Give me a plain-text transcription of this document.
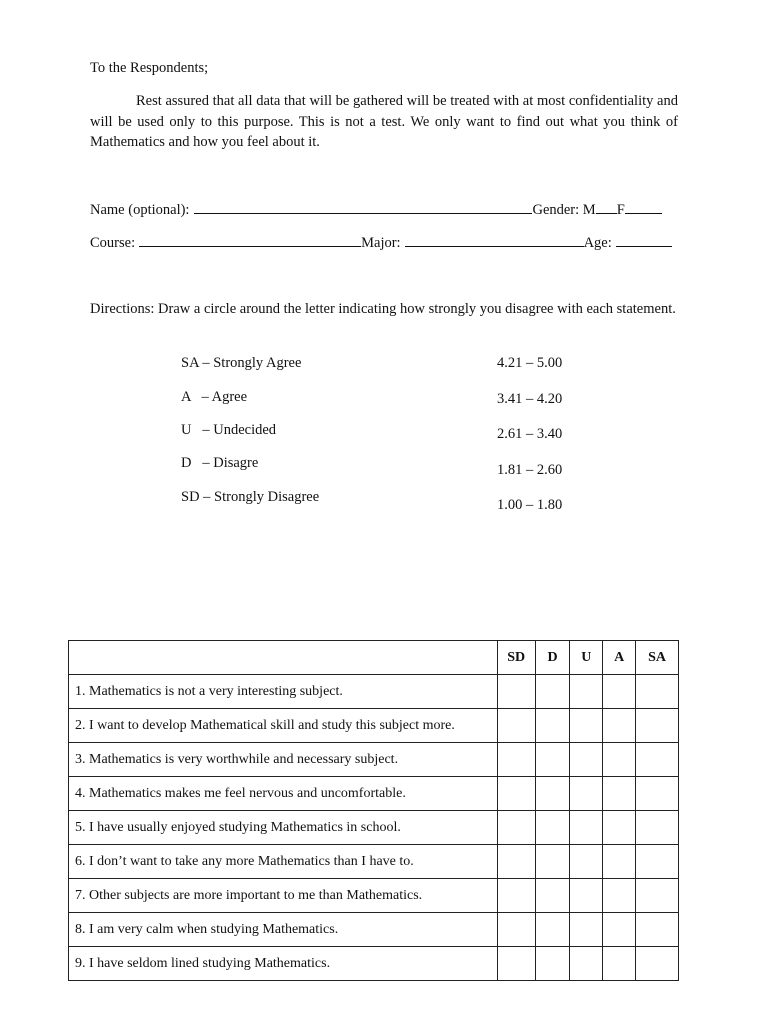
To the Respondents;
Rest assured that all data that will be gathered will be treated with at most confidentiality and will be used only to this purpose. This is not a test. We only want to find out what you think of Mathematics and how you feel about it.
Name (optional):	Gender: M F
Course:	Major:	Age:
Directions: Draw a circle around the letter indicating how strongly you disagree with each statement.
SA – Strongly Agree	4.21 – 5.00
A   – Agree	3.41 – 4.20
U   – Undecided	2.61 – 3.40
D   – Disagre	1.81 – 2.60
SD – Strongly Disagree	1.00 – 1.80
	SD	D	U	A	SA
1. Mathematics is not a very interesting subject.					
2. I want to develop Mathematical skill and study this subject more.					
3. Mathematics is very worthwhile and necessary subject.					
4. Mathematics makes me feel nervous and uncomfortable.					
5. I have usually enjoyed studying Mathematics in school.					
6. I don’t want to take any more Mathematics than I have to.					
7. Other subjects are more important to me than Mathematics.					
8. I am very calm when studying Mathematics.					
9. I have seldom lined studying Mathematics.					
